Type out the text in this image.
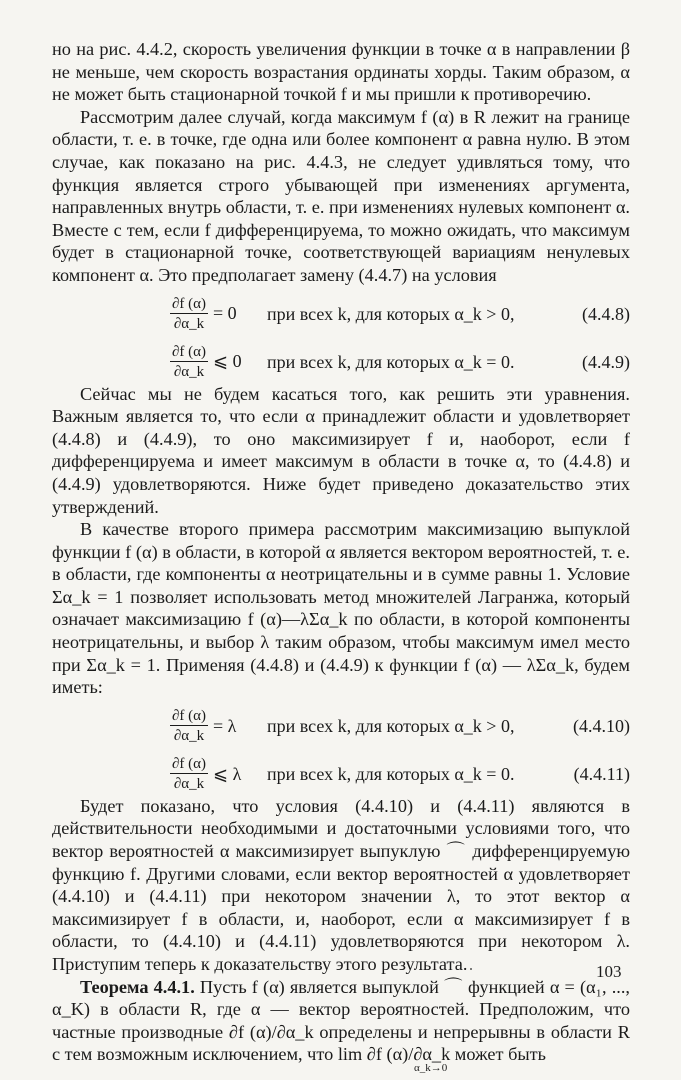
но на рис. 4.4.2, скорость увеличения функции в точке α в направлении β не меньше, чем скорость возрастания ординаты хорды. Таким образом, α не может быть стационарной точкой f и мы пришли к противоречию.

Рассмотрим далее случай, когда максимум f (α) в R лежит на границе области, т. е. в точке, где одна или более компонент α равна нулю. В этом случае, как показано на рис. 4.4.3, не следует удивляться тому, что функция является строго убывающей при изменениях аргумента, направленных внутрь области, т. е. при изменениях нулевых компонент α. Вместе с тем, если f дифференцируема, то можно ожидать, что максимум будет в стационарной точке, соответствующей вариациям ненулевых компонент α. Это предполагает замену (4.4.7) на условия

$\frac{\partial f (\alpha)}{\partial\alpha\_k} = 0$ при всех k, для которых α_k > 0,	(4.4.8)
$\frac{\partial f (\alpha)}{\partial\alpha\_k}$ ⩽ 0 при всех k, для которых α_k = 0.	(4.4.9)

Сейчас мы не будем касаться того, как решить эти уравнения. Важным является то, что если α принадлежит области и удовлетворяет (4.4.8) и (4.4.9), то оно максимизирует f и, наоборот, если f дифференцируема и имеет максимум в области в точке α, то (4.4.8) и (4.4.9) удовлетворяются. Ниже будет приведено доказательство этих утверждений.

В качестве второго примера рассмотрим максимизацию выпуклой функции f (α) в области, в которой α является вектором вероятностей, т. е. в области, где компоненты α неотрицательны и в сумме равны 1. Условие Σα_k = 1 позволяет использовать метод множителей Лагранжа, который означает максимизацию f (α)—λΣα_k по области, в которой компоненты неотрицательны, и выбор λ таким образом, чтобы максимум имел место при Σα_k = 1. Применяя (4.4.8) и (4.4.9) к функции f (α) — λΣα_k, будем иметь:

$\frac{\partial f (\alpha)}{\partial\alpha\_k} = \lambda$ при всех k, для которых α_k > 0,	(4.4.10)
$\frac{\partial f (\alpha)}{\partial\alpha\_k}$ ⩽ λ при всех k, для которых α_k = 0.	(4.4.11)

Будет показано, что условия (4.4.10) и (4.4.11) являются в действительности необходимыми и достаточными условиями того, что вектор вероятностей α максимизирует выпуклую ⌒ дифференцируемую функцию f. Другими словами, если вектор вероятностей α удовлетворяет (4.4.10) и (4.4.11) при некотором значении λ, то этот вектор α максимизирует f в области, и, наоборот, если α максимизирует f в области, то (4.4.10) и (4.4.11) удовлетворяются при некотором λ. Приступим теперь к доказательству этого результата.

Теорема 4.4.1. Пусть f (α) является выпуклой ⌒ функцией α = (α₁, ..., α_K) в области R, где α — вектор вероятностей. Предположим, что частные производные ∂f (α)/∂α_k определены и непрерывны в области R с тем возможным исключением, что lim ∂f (α)/∂α_k может быть

α_k→0
103
